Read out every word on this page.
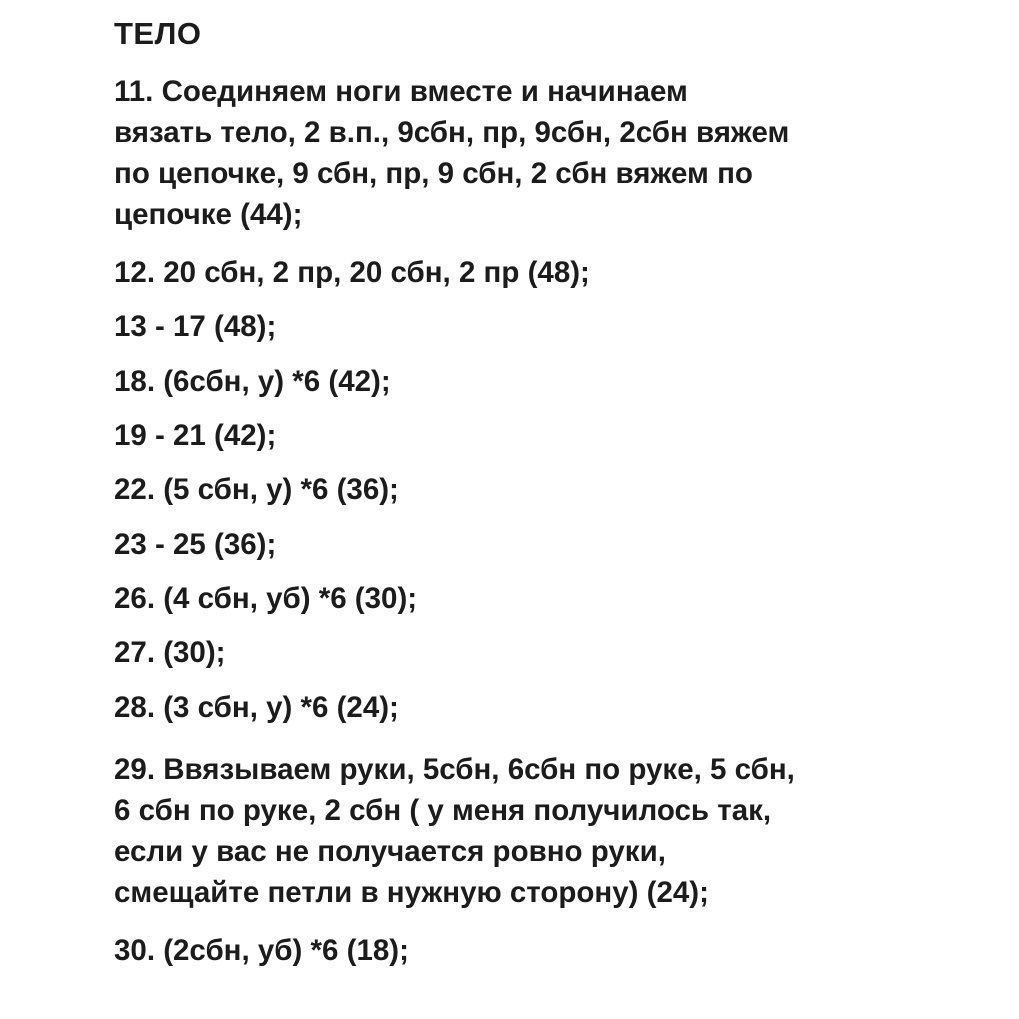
ТЕЛО
11. Соединяем ноги вместе и начинаем
вязать тело, 2 в.п., 9сбн, пр, 9сбн, 2сбн вяжем
по цепочке, 9 сбн, пр, 9 сбн, 2 сбн вяжем по
цепочке (44);
12. 20 сбн, 2 пр, 20 сбн, 2 пр (48);
13 - 17 (48);
18. (6сбн, у) *6 (42);
19 - 21 (42);
22. (5 сбн, у) *6 (36);
23 - 25 (36);
26. (4 сбн, уб) *6 (30);
27. (30);
28. (3 сбн, у) *6 (24);
29. Ввязываем руки, 5сбн, 6сбн по руке, 5 сбн,
6 сбн по руке, 2 сбн ( у меня получилось так,
если у вас не получается ровно руки,
смещайте петли в нужную сторону) (24);
30. (2сбн, уб) *6 (18);
